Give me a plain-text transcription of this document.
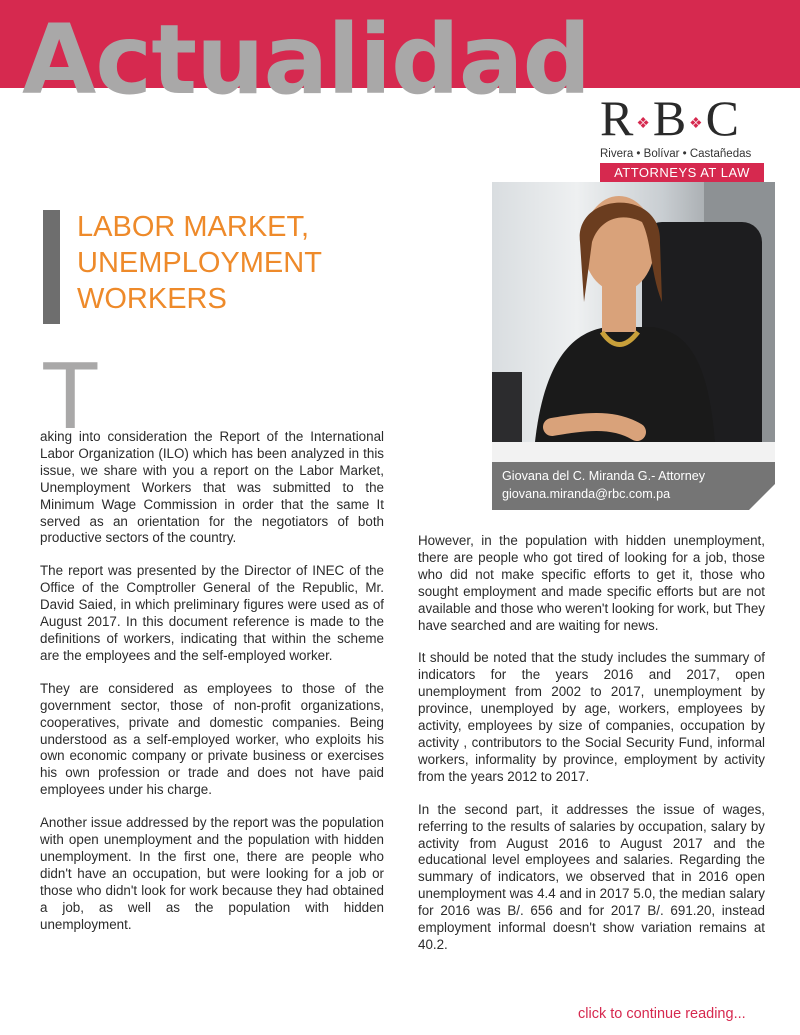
Actualidad
R ❖B ❖C
Rivera • Bolívar • Castañedas
ATTORNEYS AT LAW
LABOR MARKET,
UNEMPLOYMENT
WORKERS
T

aking into consideration the Report of the International Labor Organization (ILO) which has been analyzed in this issue, we share with you a report on the Labor Market, Unemployment Workers that was submitted to the Minimum Wage Commission in order that the same It served as an orientation for the negotiators of both productive sectors of the country.

The report was presented by the Director of INEC of the Office of the Comptroller General of the Republic, Mr. David Saied, in which preliminary figures were used as of August 2017. In this document reference is made to the definitions of workers, indicating that within the scheme are the employees and the self-employed worker.

They are considered as employees to those of the government sector, those of non-profit organizations, cooperatives, private and domestic companies. Being understood as a self-employed worker, who exploits his own economic company or private business or exercises his own profession or trade and does not have paid employees under his charge.

Another issue addressed by the report was the population with open unemployment and the population with hidden unemployment. In the first one, there are people who didn't have an occupation, but were looking for a job or those who didn't look for work because they had obtained a job, as well as the population with hidden unemployment.

Giovana del C. Miranda G.- Attorney
giovana.miranda@rbc.com.pa

However, in the population with hidden unemployment, there are people who got tired of looking for a job, those who did not make specific efforts to get it, those who sought employment and made specific efforts but are not available and those who weren't looking for work, but They have searched and are waiting for news.

It should be noted that the study includes the summary of indicators for the years 2016 and 2017, open unemployment from 2002 to 2017, unemployment by province, unemployed by age, workers, employees by activity, employees by size of companies, occupation by activity , contributors to the Social Security Fund, informal workers, informality by province, employment by activity from the years 2012 to 2017.

In the second part, it addresses the issue of wages, referring to the results of salaries by occupation, salary by activity from August 2016 to August 2017 and the educational level employees and salaries. Regarding the summary of indicators, we observed that in 2016 open unemployment was 4.4 and in 2017 5.0, the median salary for 2016 was B/. 656 and for 2017 B/. 691.20, instead employment informal doesn't show variation remains at 40.2.

click to continue reading...
